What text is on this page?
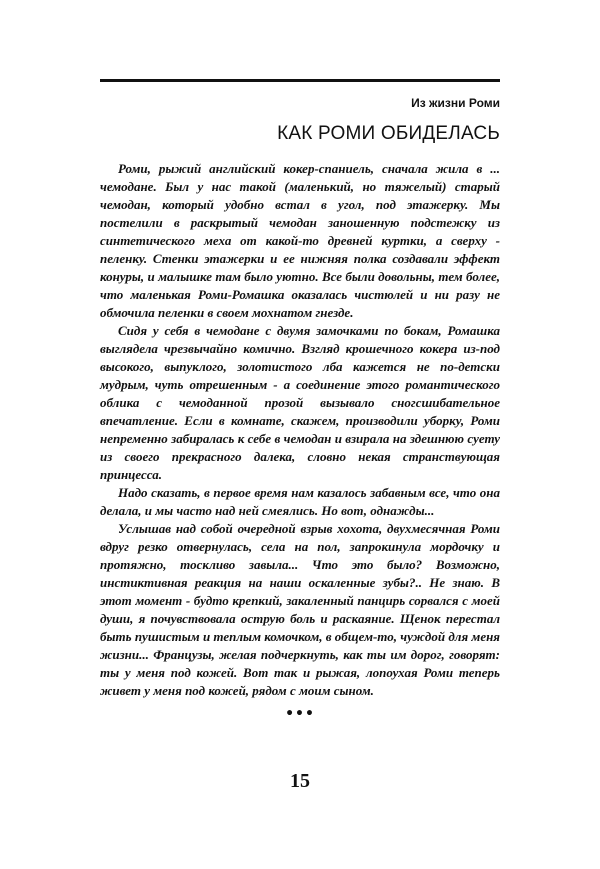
Из жизни Роми
КАК РОМИ ОБИДЕЛАСЬ
Роми, рыжий английский кокер-спаниель, сначала жила в ... чемодане. Был у нас такой (маленький, но тяжелый) старый чемодан, который удобно встал в угол, под этажерку. Мы постелили в раскрытый чемодан заношенную подстежку из синтетического меха от какой-то древней куртки, а сверху - пеленку. Стенки этажерки и ее нижняя полка создавали эффект конуры, и малышке там было уютно. Все были довольны, тем более, что маленькая Роми-Ромашка оказалась чистюлей и ни разу не обмочила пеленки в своем мохнатом гнезде.
Сидя у себя в чемодане с двумя замочками по бокам, Ромашка выглядела чрезвычайно комично. Взгляд крошечного кокера из-под высокого, выпуклого, золотистого лба кажется не по-детски мудрым, чуть отрешенным - а соединение этого романтического облика с чемоданной прозой вызывало сногсшибательное впечатление. Если в комнате, скажем, производили уборку, Роми непременно забиралась к себе в чемодан и взирала на здешнюю суету из своего прекрасного далека, словно некая странствующая принцесса.
Надо сказать, в первое время нам казалось забавным все, что она делала, и мы часто над ней смеялись. Но вот, однажды...
Услышав над собой очередной взрыв хохота, двухмесячная Роми вдруг резко отвернулась, села на пол, запрокинула мордочку и протяжно, тоскливо завыла... Что это было? Возможно, инстиктивная реакция на наши оскаленные зубы?.. Не знаю. В этот момент - будто крепкий, закаленный панцирь сорвался с моей души, я почувствовала острую боль и раскаяние. Щенок перестал быть пушистым и теплым комочком, в общем-то, чуждой для меня жизни... Французы, желая подчеркнуть, как ты им дорог, говорят: ты у меня под кожей. Вот так и рыжая, лопоухая Роми теперь живет у меня под кожей, рядом с моим сыном.
•••
15
